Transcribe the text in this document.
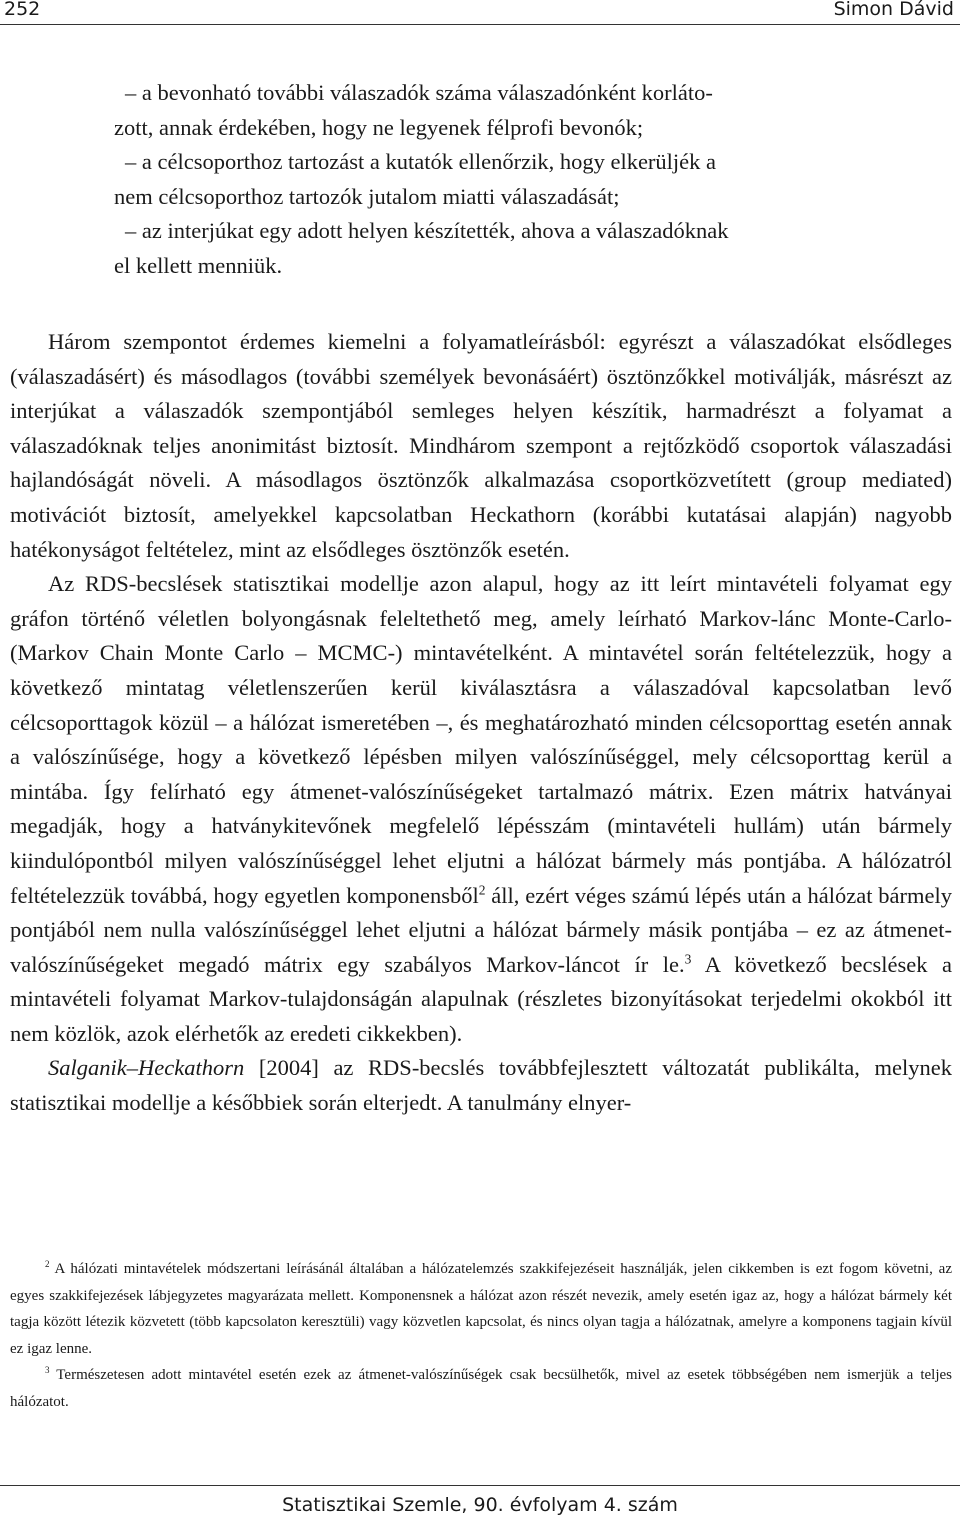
252	Simon Dávid
– a bevonható további válaszadók száma válaszadónként korláto-
zott, annak érdekében, hogy ne legyenek félprofi bevonók;
– a célcsoporthoz tartozást a kutatók ellenőrzik, hogy elkerüljék a
nem célcsoporthoz tartozók jutalom miatti válaszadását;
– az interjúkat egy adott helyen készítették, ahova a válaszadóknak
el kellett menniük.

Három szempontot érdemes kiemelni a folyamatleírásból: egyrészt a válaszadókat elsődleges (válaszadásért) és másodlagos (további személyek bevonásáért) ösztönzőkkel motiválják, másrészt az interjúkat a válaszadók szempontjából semleges helyen készítik, harmadrészt a folyamat a válaszadóknak teljes anonimitást biztosít. Mindhárom szempont a rejtőzködő csoportok válaszadási hajlandóságát növeli. A másodlagos ösztönzők alkalmazása csoportközvetített (group mediated) motivációt biztosít, amelyekkel kapcsolatban Heckathorn (korábbi kutatásai alapján) nagyobb hatékonyságot feltételez, mint az elsődleges ösztönzők esetén.

Az RDS-becslések statisztikai modellje azon alapul, hogy az itt leírt mintavételi folyamat egy gráfon történő véletlen bolyongásnak feleltethető meg, amely leírható Markov-lánc Monte-Carlo- (Markov Chain Monte Carlo – MCMC-) mintavételként. A mintavétel során feltételezzük, hogy a következő mintatag véletlenszerűen kerül kiválasztásra a válaszadóval kapcsolatban levő célcsoporttagok közül – a hálózat ismeretében –, és meghatározható minden célcsoporttag esetén annak a valószínűsége, hogy a következő lépésben milyen valószínűséggel, mely célcsoporttag kerül a mintába. Így felírható egy átmenet-valószínűségeket tartalmazó mátrix. Ezen mátrix hatványai megadják, hogy a hatványkitevőnek megfelelő lépésszám (mintavételi hullám) után bármely kiindulópontból milyen valószínűséggel lehet eljutni a hálózat bármely más pontjába. A hálózatról feltételezzük továbbá, hogy egyetlen komponensből$^2$ áll, ezért véges számú lépés után a hálózat bármely pontjából nem nulla valószínűséggel lehet eljutni a hálózat bármely másik pontjába – ez az átmenet-valószínűségeket megadó mátrix egy szabályos Markov-láncot ír le.$^3$ A következő becslések a mintavételi folyamat Markov-tulajdonságán alapulnak (részletes bizonyításokat terjedelmi okokból itt nem közlök, azok elérhetők az eredeti cikkekben).

Salganik–Heckathorn [2004] az RDS-becslés továbbfejlesztett változatát publikálta, melynek statisztikai modellje a későbbiek során elterjedt. A tanulmány elnyer-

$^2$ A hálózati mintavételek módszertani leírásánál általában a hálózatelemzés szakkifejezéseit használják, jelen cikkemben is ezt fogom követni, az egyes szakkifejezések lábjegyzetes magyarázata mellett. Komponensnek a hálózat azon részét nevezik, amely esetén igaz az, hogy a hálózat bármely két tagja között létezik közvetett (több kapcsolaton keresztüli) vagy közvetlen kapcsolat, és nincs olyan tagja a hálózatnak, amelyre a komponens tagjain kívül ez igaz lenne.

$^3$ Természetesen adott mintavétel esetén ezek az átmenet-valószínűségek csak becsülhetők, mivel az esetek többségében nem ismerjük a teljes hálózatot.

Statisztikai Szemle, 90. évfolyam 4. szám
